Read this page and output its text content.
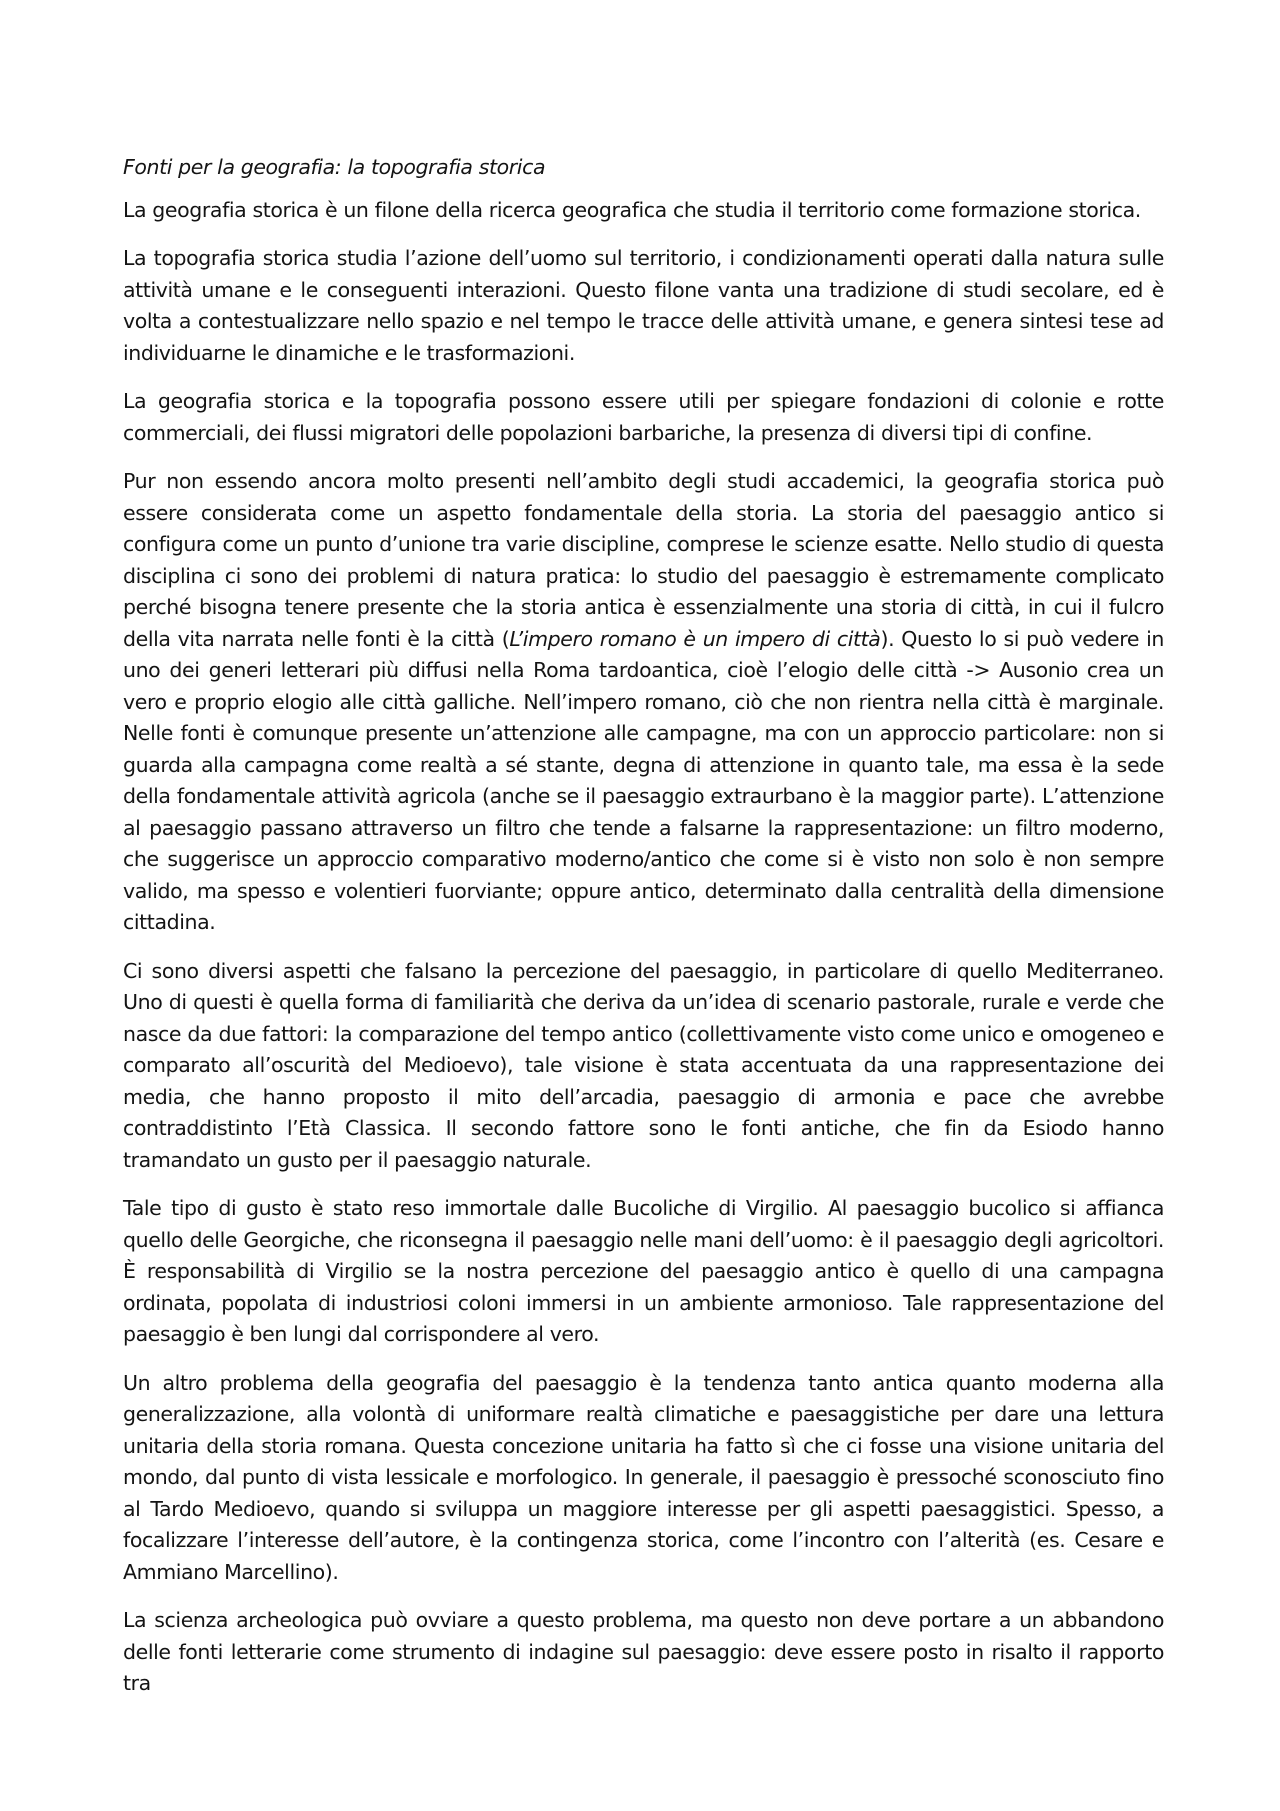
Fonti per la geografia: la topografia storica

La geografia storica è un filone della ricerca geografica che studia il territorio come formazione storica.

La topografia storica studia l’azione dell’uomo sul territorio, i condizionamenti operati dalla natura sulle attività umane e le conseguenti interazioni. Questo filone vanta una tradizione di studi secolare, ed è volta a contestualizzare nello spazio e nel tempo le tracce delle attività umane, e genera sintesi tese ad individuarne le dinamiche e le trasformazioni.

La geografia storica e la topografia possono essere utili per spiegare fondazioni di colonie e rotte commerciali, dei flussi migratori delle popolazioni barbariche, la presenza di diversi tipi di confine.

Pur non essendo ancora molto presenti nell’ambito degli studi accademici, la geografia storica può essere considerata come un aspetto fondamentale della storia. La storia del paesaggio antico si configura come un punto d’unione tra varie discipline, comprese le scienze esatte. Nello studio di questa disciplina ci sono dei problemi di natura pratica: lo studio del paesaggio è estremamente complicato perché bisogna tenere presente che la storia antica è essenzialmente una storia di città, in cui il fulcro della vita narrata nelle fonti è la città (L’impero romano è un impero di città). Questo lo si può vedere in uno dei generi letterari più diffusi nella Roma tardoantica, cioè l’elogio delle città -> Ausonio crea un vero e proprio elogio alle città galliche. Nell’impero romano, ciò che non rientra nella città è marginale. Nelle fonti è comunque presente un’attenzione alle campagne, ma con un approccio particolare: non si guarda alla campagna come realtà a sé stante, degna di attenzione in quanto tale, ma essa è la sede della fondamentale attività agricola (anche se il paesaggio extraurbano è la maggior parte). L’attenzione al paesaggio passano attraverso un filtro che tende a falsarne la rappresentazione: un filtro moderno, che suggerisce un approccio comparativo moderno/antico che come si è visto non solo è non sempre valido, ma spesso e volentieri fuorviante; oppure antico, determinato dalla centralità della dimensione cittadina.

Ci sono diversi aspetti che falsano la percezione del paesaggio, in particolare di quello Mediterraneo. Uno di questi è quella forma di familiarità che deriva da un’idea di scenario pastorale, rurale e verde che nasce da due fattori: la comparazione del tempo antico (collettivamente visto come unico e omogeneo e comparato all’oscurità del Medioevo), tale visione è stata accentuata da una rappresentazione dei media, che hanno proposto il mito dell’arcadia, paesaggio di armonia e pace che avrebbe contraddistinto l’Età Classica. Il secondo fattore sono le fonti antiche, che fin da Esiodo hanno tramandato un gusto per il paesaggio naturale.

Tale tipo di gusto è stato reso immortale dalle Bucoliche di Virgilio. Al paesaggio bucolico si affianca quello delle Georgiche, che riconsegna il paesaggio nelle mani dell’uomo: è il paesaggio degli agricoltori. È responsabilità di Virgilio se la nostra percezione del paesaggio antico è quello di una campagna ordinata, popolata di industriosi coloni immersi in un ambiente armonioso. Tale rappresentazione del paesaggio è ben lungi dal corrispondere al vero.

Un altro problema della geografia del paesaggio è la tendenza tanto antica quanto moderna alla generalizzazione, alla volontà di uniformare realtà climatiche e paesaggistiche per dare una lettura unitaria della storia romana. Questa concezione unitaria ha fatto sì che ci fosse una visione unitaria del mondo, dal punto di vista lessicale e morfologico. In generale, il paesaggio è pressoché sconosciuto fino al Tardo Medioevo, quando si sviluppa un maggiore interesse per gli aspetti paesaggistici. Spesso, a focalizzare l’interesse dell’autore, è la contingenza storica, come l’incontro con l’alterità (es. Cesare e Ammiano Marcellino).

La scienza archeologica può ovviare a questo problema, ma questo non deve portare a un abbandono delle fonti letterarie come strumento di indagine sul paesaggio: deve essere posto in risalto il rapporto tra
